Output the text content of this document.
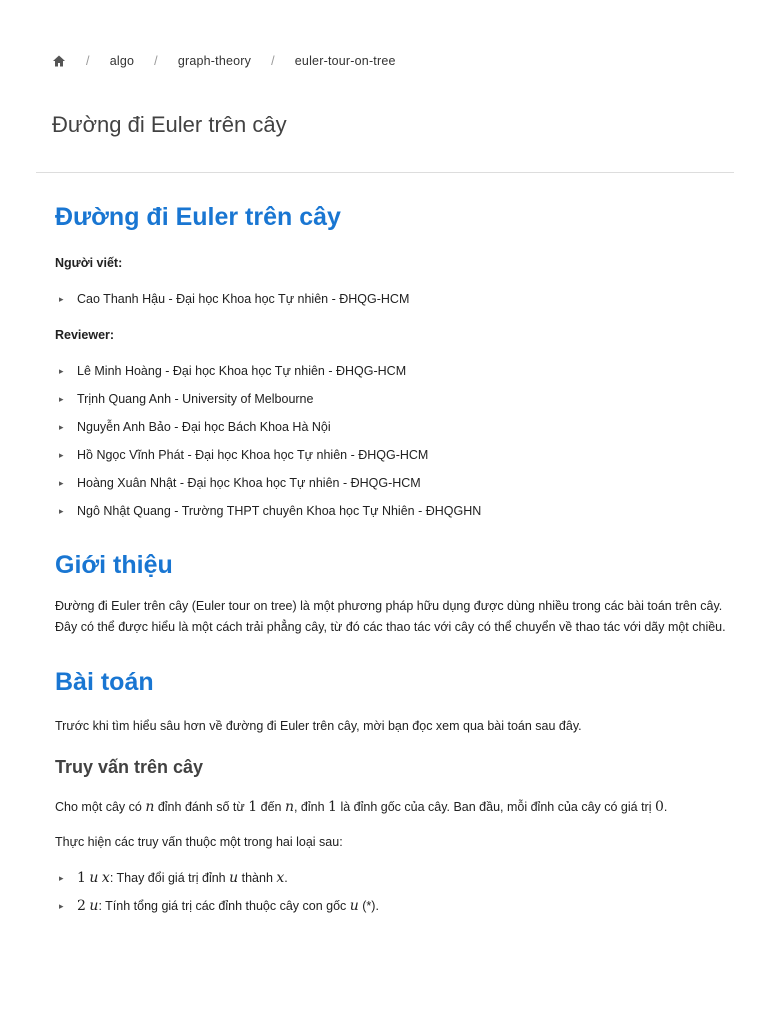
/ algo / graph-theory / euler-tour-on-tree
Đường đi Euler trên cây
Đường đi Euler trên cây

Người viết:

▸ Cao Thanh Hậu - Đại học Khoa học Tự nhiên - ĐHQG-HCM

Reviewer:

▸ Lê Minh Hoàng - Đại học Khoa học Tự nhiên - ĐHQG-HCM
▸ Trịnh Quang Anh - University of Melbourne
▸ Nguyễn Anh Bảo - Đại học Bách Khoa Hà Nội
▸ Hồ Ngọc Vĩnh Phát - Đại học Khoa học Tự nhiên - ĐHQG-HCM
▸ Hoàng Xuân Nhật - Đại học Khoa học Tự nhiên - ĐHQG-HCM
▸ Ngô Nhật Quang - Trường THPT chuyên Khoa học Tự Nhiên - ĐHQGHN
Giới thiệu

Đường đi Euler trên cây (Euler tour on tree) là một phương pháp hữu dụng được dùng nhiều trong các bài toán trên cây. Đây có thể được hiểu là một cách trải phẳng cây, từ đó các thao tác với cây có thể chuyển về thao tác với dãy một chiều.

Bài toán

Trước khi tìm hiểu sâu hơn về đường đi Euler trên cây, mời bạn đọc xem qua bài toán sau đây.

Truy vấn trên cây

Cho một cây có n đỉnh đánh số từ 1 đến n, đỉnh 1 là đỉnh gốc của cây. Ban đầu, mỗi đỉnh của cây có giá trị 0.

Thực hiện các truy vấn thuộc một trong hai loại sau:

▸ 1 u x: Thay đổi giá trị đỉnh u thành x.
▸ 2 u: Tính tổng giá trị các đỉnh thuộc cây con gốc u (*).
